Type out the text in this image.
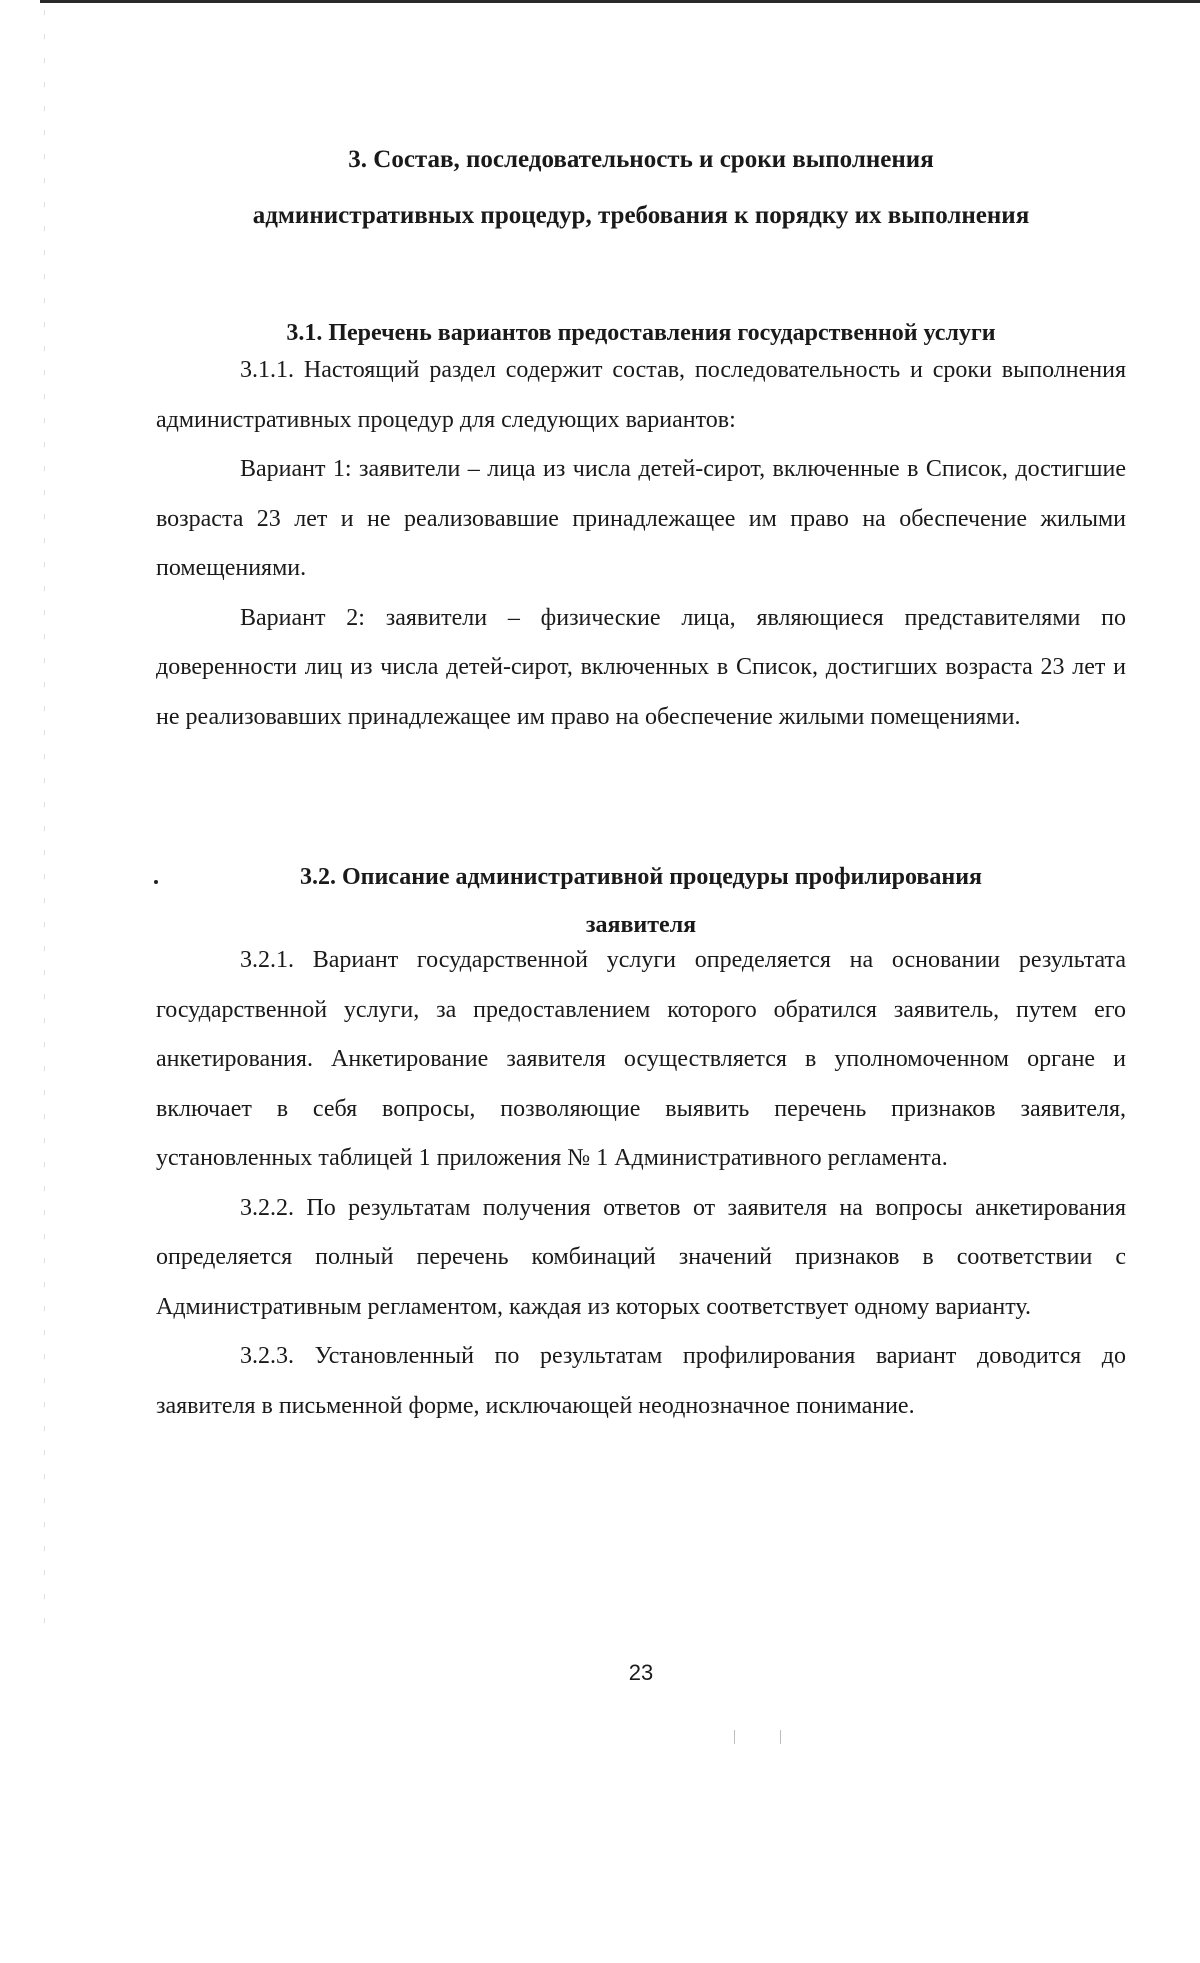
3. Состав, последовательность и сроки выполнения
административных процедур, требования к порядку их выполнения
3.1. Перечень вариантов предоставления государственной услуги

3.1.1. Настоящий раздел содержит состав, последовательность и сроки выполнения административных процедур для следующих вариантов:

Вариант 1: заявители – лица из числа детей-сирот, включенные в Список, достигшие возраста 23 лет и не реализовавшие принадлежащее им право на обеспечение жилыми помещениями.

Вариант 2: заявители – физические лица, являющиеся представителями по доверенности лиц из числа детей-сирот, включенных в Список, достигших возраста 23 лет и не реализовавших принадлежащее им право на обеспечение жилыми помещениями.

3.2. Описание административной процедуры профилирования
заявителя

3.2.1. Вариант государственной услуги определяется на основании результата государственной услуги, за предоставлением которого обратился заявитель, путем его анкетирования. Анкетирование заявителя осуществляется в уполномоченном органе и включает в себя вопросы, позволяющие выявить перечень признаков заявителя, установленных таблицей 1 приложения № 1 Административного регламента.

3.2.2. По результатам получения ответов от заявителя на вопросы анкетирования определяется полный перечень комбинаций значений признаков в соответствии с Административным регламентом, каждая из которых соответствует одному варианту.

3.2.3. Установленный по результатам профилирования вариант доводится до заявителя в письменной форме, исключающей неоднозначное понимание.

23
